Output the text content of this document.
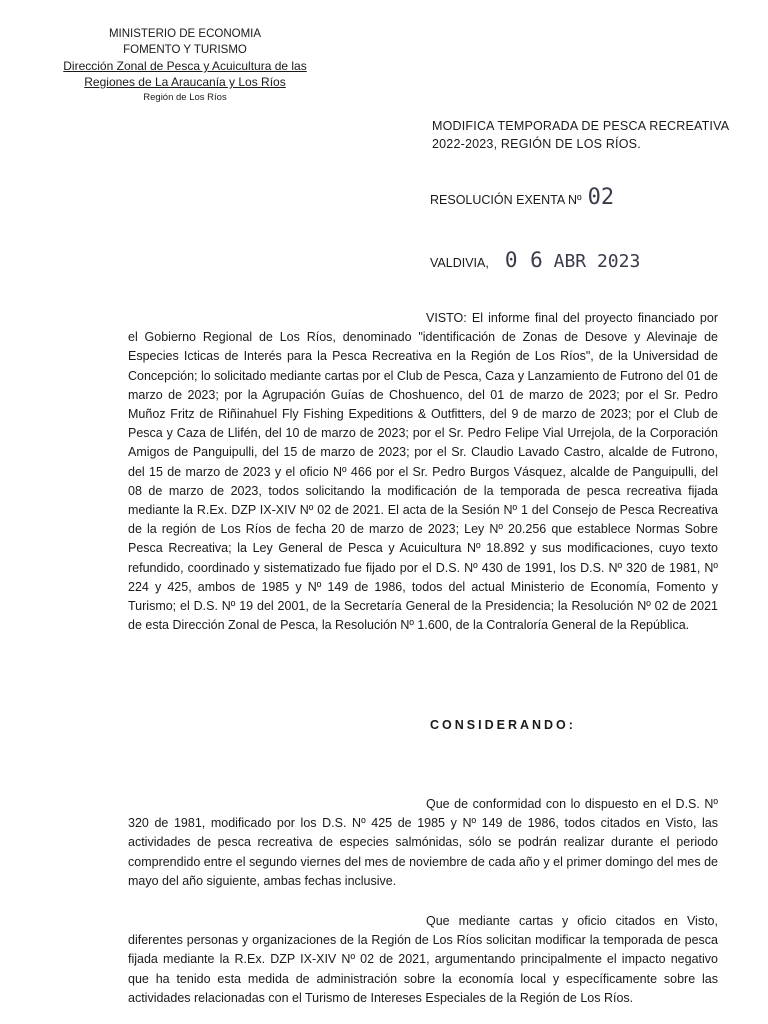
MINISTERIO DE ECONOMIA
FOMENTO Y TURISMO
Dirección Zonal de Pesca y Acuicultura de las
Regiones de La Araucanía y Los Ríos
Región de Los Ríos
MODIFICA TEMPORADA DE PESCA RECREATIVA
2022-2023, REGIÓN DE LOS RÍOS.
RESOLUCIÓN EXENTA Nº 02
VALDIVIA, 0 6 ABR 2023

VISTO: El informe final del proyecto financiado por el Gobierno Regional de Los Ríos, denominado "identificación de Zonas de Desove y Alevinaje de Especies Icticas de Interés para la Pesca Recreativa en la Región de Los Ríos", de la Universidad de Concepción; lo solicitado mediante cartas por el Club de Pesca, Caza y Lanzamiento de Futrono del 01 de marzo de 2023; por la Agrupación Guías de Choshuenco, del 01 de marzo de 2023; por el Sr. Pedro Muñoz Fritz de Riñinahuel Fly Fishing Expeditions & Outfitters, del 9 de marzo de 2023; por el Club de Pesca y Caza de Llifén, del 10 de marzo de 2023; por el Sr. Pedro Felipe Vial Urrejola, de la Corporación Amigos de Panguipulli, del 15 de marzo de 2023; por el Sr. Claudio Lavado Castro, alcalde de Futrono, del 15 de marzo de 2023 y el oficio Nº 466 por el Sr. Pedro Burgos Vásquez, alcalde de Panguipulli, del 08 de marzo de 2023, todos solicitando la modificación de la temporada de pesca recreativa fijada mediante la R.Ex. DZP IX-XIV Nº 02 de 2021. El acta de la Sesión Nº 1 del Consejo de Pesca Recreativa de la región de Los Ríos de fecha 20 de marzo de 2023; Ley Nº 20.256 que establece Normas Sobre Pesca Recreativa; la Ley General de Pesca y Acuicultura Nº 18.892 y sus modificaciones, cuyo texto refundido, coordinado y sistematizado fue fijado por el D.S. Nº 430 de 1991, los D.S. Nº 320 de 1981, Nº 224 y 425, ambos de 1985 y Nº 149 de 1986, todos del actual Ministerio de Economía, Fomento y Turismo; el D.S. Nº 19 del 2001, de la Secretaría General de la Presidencia; la Resolución Nº 02 de 2021 de esta Dirección Zonal de Pesca, la Resolución Nº 1.600, de la Contraloría General de la República.

CONSIDERANDO:

Que de conformidad con lo dispuesto en el D.S. Nº 320 de 1981, modificado por los D.S. Nº 425 de 1985 y Nº 149 de 1986, todos citados en Visto, las actividades de pesca recreativa de especies salmónidas, sólo se podrán realizar durante el periodo comprendido entre el segundo viernes del mes de noviembre de cada año y el primer domingo del mes de mayo del año siguiente, ambas fechas inclusive.

Que mediante cartas y oficio citados en Visto, diferentes personas y organizaciones de la Región de Los Ríos solicitan modificar la temporada de pesca fijada mediante la R.Ex. DZP IX-XIV Nº 02 de 2021, argumentando principalmente el impacto negativo que ha tenido esta medida de administración sobre la economía local y específicamente sobre las actividades relacionadas con el Turismo de Intereses Especiales de la Región de Los Ríos.
